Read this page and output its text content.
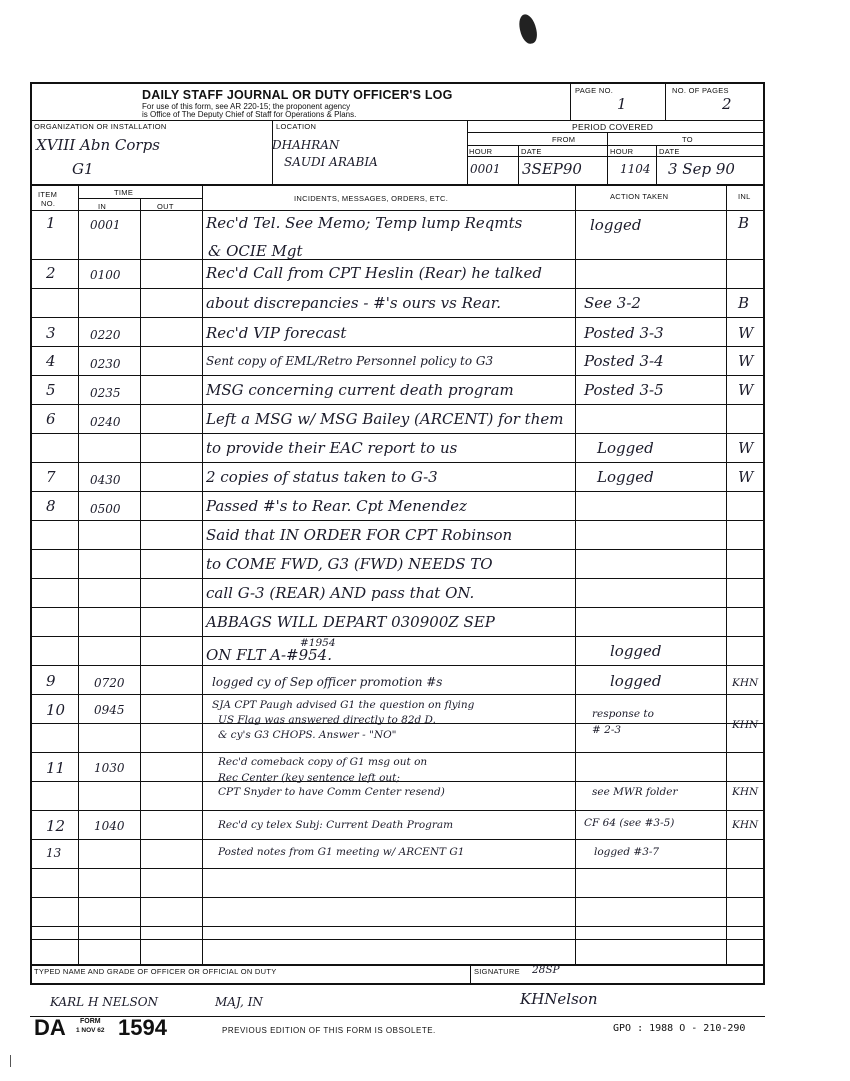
DAILY STAFF JOURNAL OR DUTY OFFICER'S LOG
For use of this form, see AR 220-15; the proponent agency
is Office of The Deputy Chief of Staff for Operations & Plans.
PAGE NO.
1
NO. OF PAGES
2
ORGANIZATION OR INSTALLATION
XVIII Abn Corps
G1
LOCATION
DHAHRAN
SAUDI ARABIA
PERIOD COVERED
FROM	TO
HOUR	DATE	HOUR	DATE
0001 3SEP90	1104 3 Sep 90
ITEM
NO.
TIME
IN	OUT
INCIDENTS, MESSAGES, ORDERS, ETC.	ACTION TAKEN	INL
1	0001	Rec'd Tel. See Memo; Temp lump Reqmts	logged	B
& OCIE Mgt
2	0100	Rec'd Call from CPT Heslin (Rear) he talked
about discrepancies - #'s ours vs Rear.	See 3-2	B
3	0220	Rec'd VIP forecast	Posted 3-3	W
4	0230	Sent copy of EML/Retro Personnel policy to G3	Posted 3-4	W
5	0235	MSG concerning current death program	Posted 3-5	W
6	0240	Left a MSG w/ MSG Bailey (ARCENT) for them
to provide their EAC report to us	Logged	W
7	0430	2 copies of status taken to G-3	Logged	W
8	0500	Passed #'s to Rear. Cpt Menendez
Said that IN ORDER FOR CPT Robinson
to COME FWD, G3 (FWD) NEEDS TO
call G-3 (REAR) AND pass that ON.
ABBAGS WILL DEPART 030900Z SEP
#1954
ON FLT A-#954.	logged
9	0720	logged cy of Sep officer promotion #s	logged	KHN
10 0945	SJA CPT Paugh advised G1 the question on flying
US Flag was answered directly to 82d D.
& cy's G3 CHOPS. Answer - "NO"
response to
# 2-3	KHN
11 1030	Rec'd comeback copy of G1 msg out on
Rec Center (key sentence left out;
CPT Snyder to have Comm Center resend)	see MWR folder	KHN
12 1040	Rec'd cy telex Subj: Current Death Program	CF 64 (see #3-5)	KHN
13	Posted notes from G1 meeting w/ ARCENT G1	logged #3-7
TYPED NAME AND GRADE OF OFFICER OR OFFICIAL ON DUTY	SIGNATURE 28SP
KARL H NELSON	MAJ, IN	KHNelson
DA FORM
1 NOV 62 1594	PREVIOUS EDITION OF THIS FORM IS OBSOLETE.	GPO : 1988 O - 210-290
